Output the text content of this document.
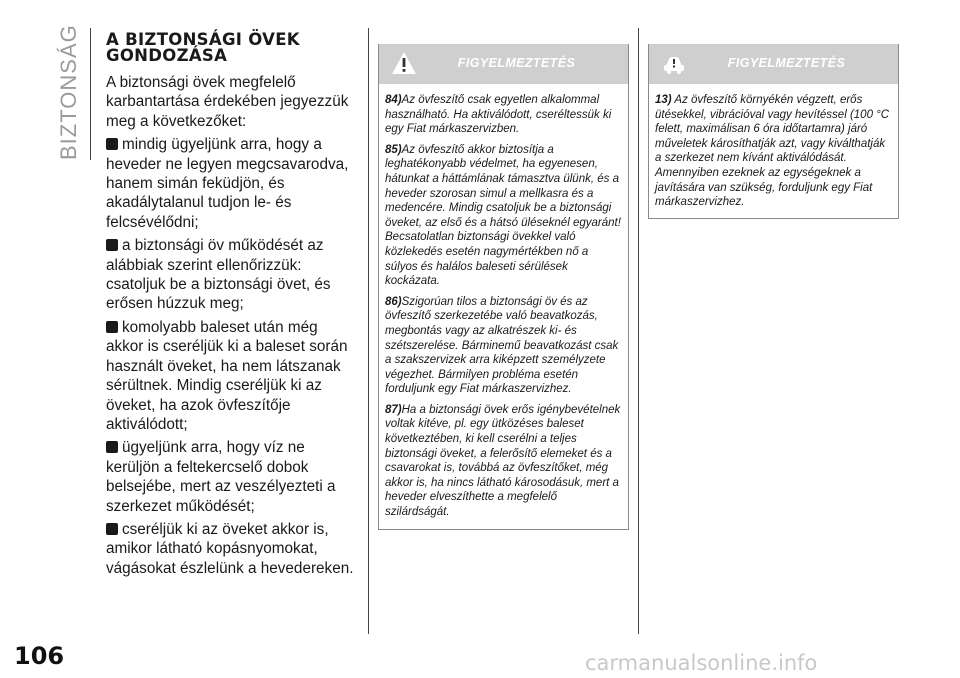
BIZTONSÁG A BIZTONSÁGI ÖVEK
GONDOZÁSA

A biztonsági övek megfelelő karbantartása érdekében jegyezzük meg a következőket:

mindig ügyeljünk arra, hogy a heveder ne legyen megcsavarodva, hanem simán feküdjön, és akadálytalanul tudjon le- és felcsévélődni;

a biztonsági öv működését az alábbiak szerint ellenőrizzük: csatoljuk be a biztonsági övet, és erősen húzzuk meg;

komolyabb baleset után még akkor is cseréljük ki a baleset során használt öveket, ha nem látszanak sérültnek. Mindig cseréljük ki az öveket, ha azok övfeszítője aktiválódott;

ügyeljünk arra, hogy víz ne kerüljön a feltekercselő dobok belsejébe, mert az veszélyezteti a szerkezet működését;

cseréljük ki az öveket akkor is, amikor látható kopásnyomokat, vágásokat észlelünk a hevedereken.

FIGYELMEZTETÉS

84)Az övfeszítő csak egyetlen alkalommal használható. Ha aktiválódott, cseréltessük ki egy Fiat márkaszervizben.

85)Az övfeszítő akkor biztosítja a leghatékonyabb védelmet, ha egyenesen, hátunkat a háttámlának támasztva ülünk, és a heveder szorosan simul a mellkasra és a medencére. Mindig csatoljuk be a biztonsági öveket, az első és a hátsó üléseknél egyaránt! Becsatolatlan biztonsági övekkel való közlekedés esetén nagymértékben nő a súlyos és halálos baleseti sérülések kockázata.

86)Szigorúan tilos a biztonsági öv és az övfeszítő szerkezetébe való beavatkozás, megbontás vagy az alkatrészek ki- és szétszerelése. Bárminemű beavatkozást csak a szakszervizek arra kiképzett személyzete végezhet. Bármilyen probléma esetén forduljunk egy Fiat márkaszervizhez.

87)Ha a biztonsági övek erős igénybevételnek voltak kitéve, pl. egy ütközéses baleset következtében, ki kell cserélni a teljes biztonsági öveket, a felerősítő elemeket és a csavarokat is, továbbá az övfeszítőket, még akkor is, ha nincs látható károsodásuk, mert a heveder elveszíthette a megfelelő szilárdságát.

FIGYELMEZTETÉS

13) Az övfeszítő környékén végzett, erős ütésekkel, vibrációval vagy hevítéssel (100 °C felett, maximálisan 6 óra időtartamra) járó műveletek károsíthatják azt, vagy kiválthatják a szerkezet nem kívánt aktiválódását. Amennyiben ezeknek az egységeknek a javítására van szükség, forduljunk egy Fiat márkaszervizhez.

106	carmanualsonline.info
